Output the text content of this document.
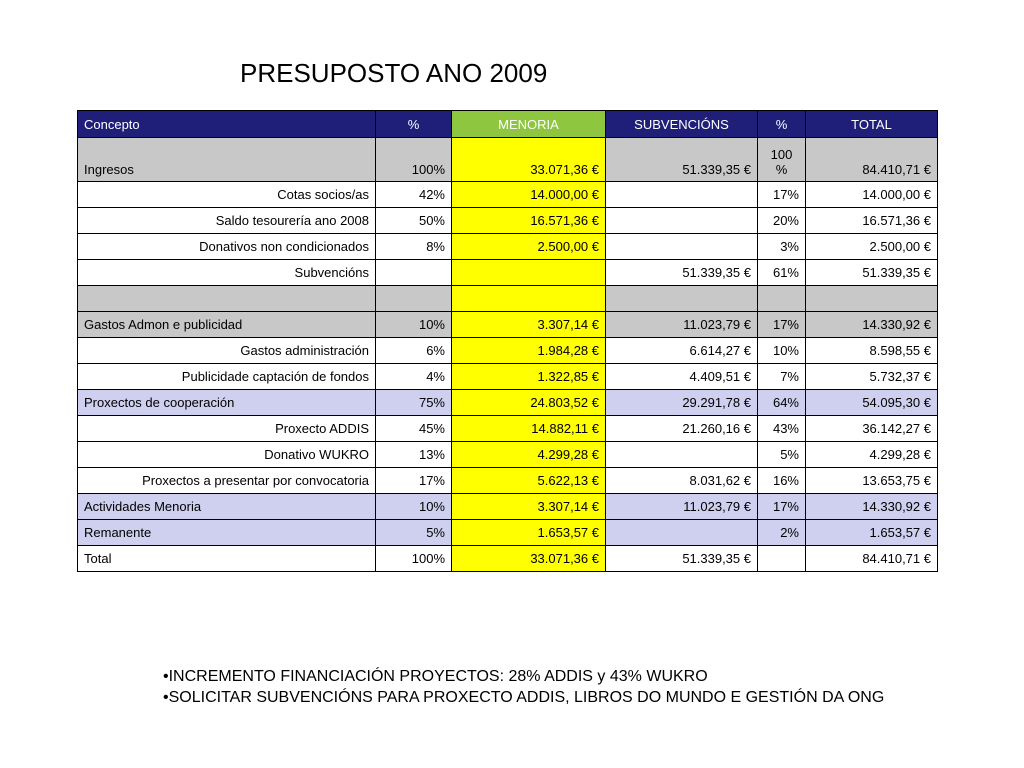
PRESUPOSTO ANO 2009
Concepto	%	MENORIA	SUBVENCIÓNS	%	TOTAL
Ingresos	100%	33.071,36 €	51.339,35 €	100 %	84.410,71 €
Cotas socios/as	42%	14.000,00 €		17%	14.000,00 €
Saldo tesourería ano 2008	50%	16.571,36 €		20%	16.571,36 €
Donativos non condicionados	8%	2.500,00 €		3%	2.500,00 €
Subvencións			51.339,35 €	61%	51.339,35 €

Gastos Admon e publicidad	10%	3.307,14 €	11.023,79 €	17%	14.330,92 €
Gastos administración	6%	1.984,28 €	6.614,27 €	10%	8.598,55 €
Publicidade captación de fondos	4%	1.322,85 €	4.409,51 €	7%	5.732,37 €
Proxectos de cooperación	75%	24.803,52 €	29.291,78 €	64%	54.095,30 €
Proxecto ADDIS	45%	14.882,11 €	21.260,16 €	43%	36.142,27 €
Donativo WUKRO	13%	4.299,28 €		5%	4.299,28 €
Proxectos a presentar por convocatoria	17%	5.622,13 €	8.031,62 €	16%	13.653,75 €
Actividades Menoria	10%	3.307,14 €	11.023,79 €	17%	14.330,92 €
Remanente	5%	1.653,57 €		2%	1.653,57 €
Total	100%	33.071,36 €	51.339,35 €		84.410,71 €
•INCREMENTO FINANCIACIÓN PROYECTOS: 28% ADDIS y 43% WUKRO
•SOLICITAR SUBVENCIÓNS PARA PROXECTO ADDIS, LIBROS DO MUNDO E GESTIÓN DA ONG
